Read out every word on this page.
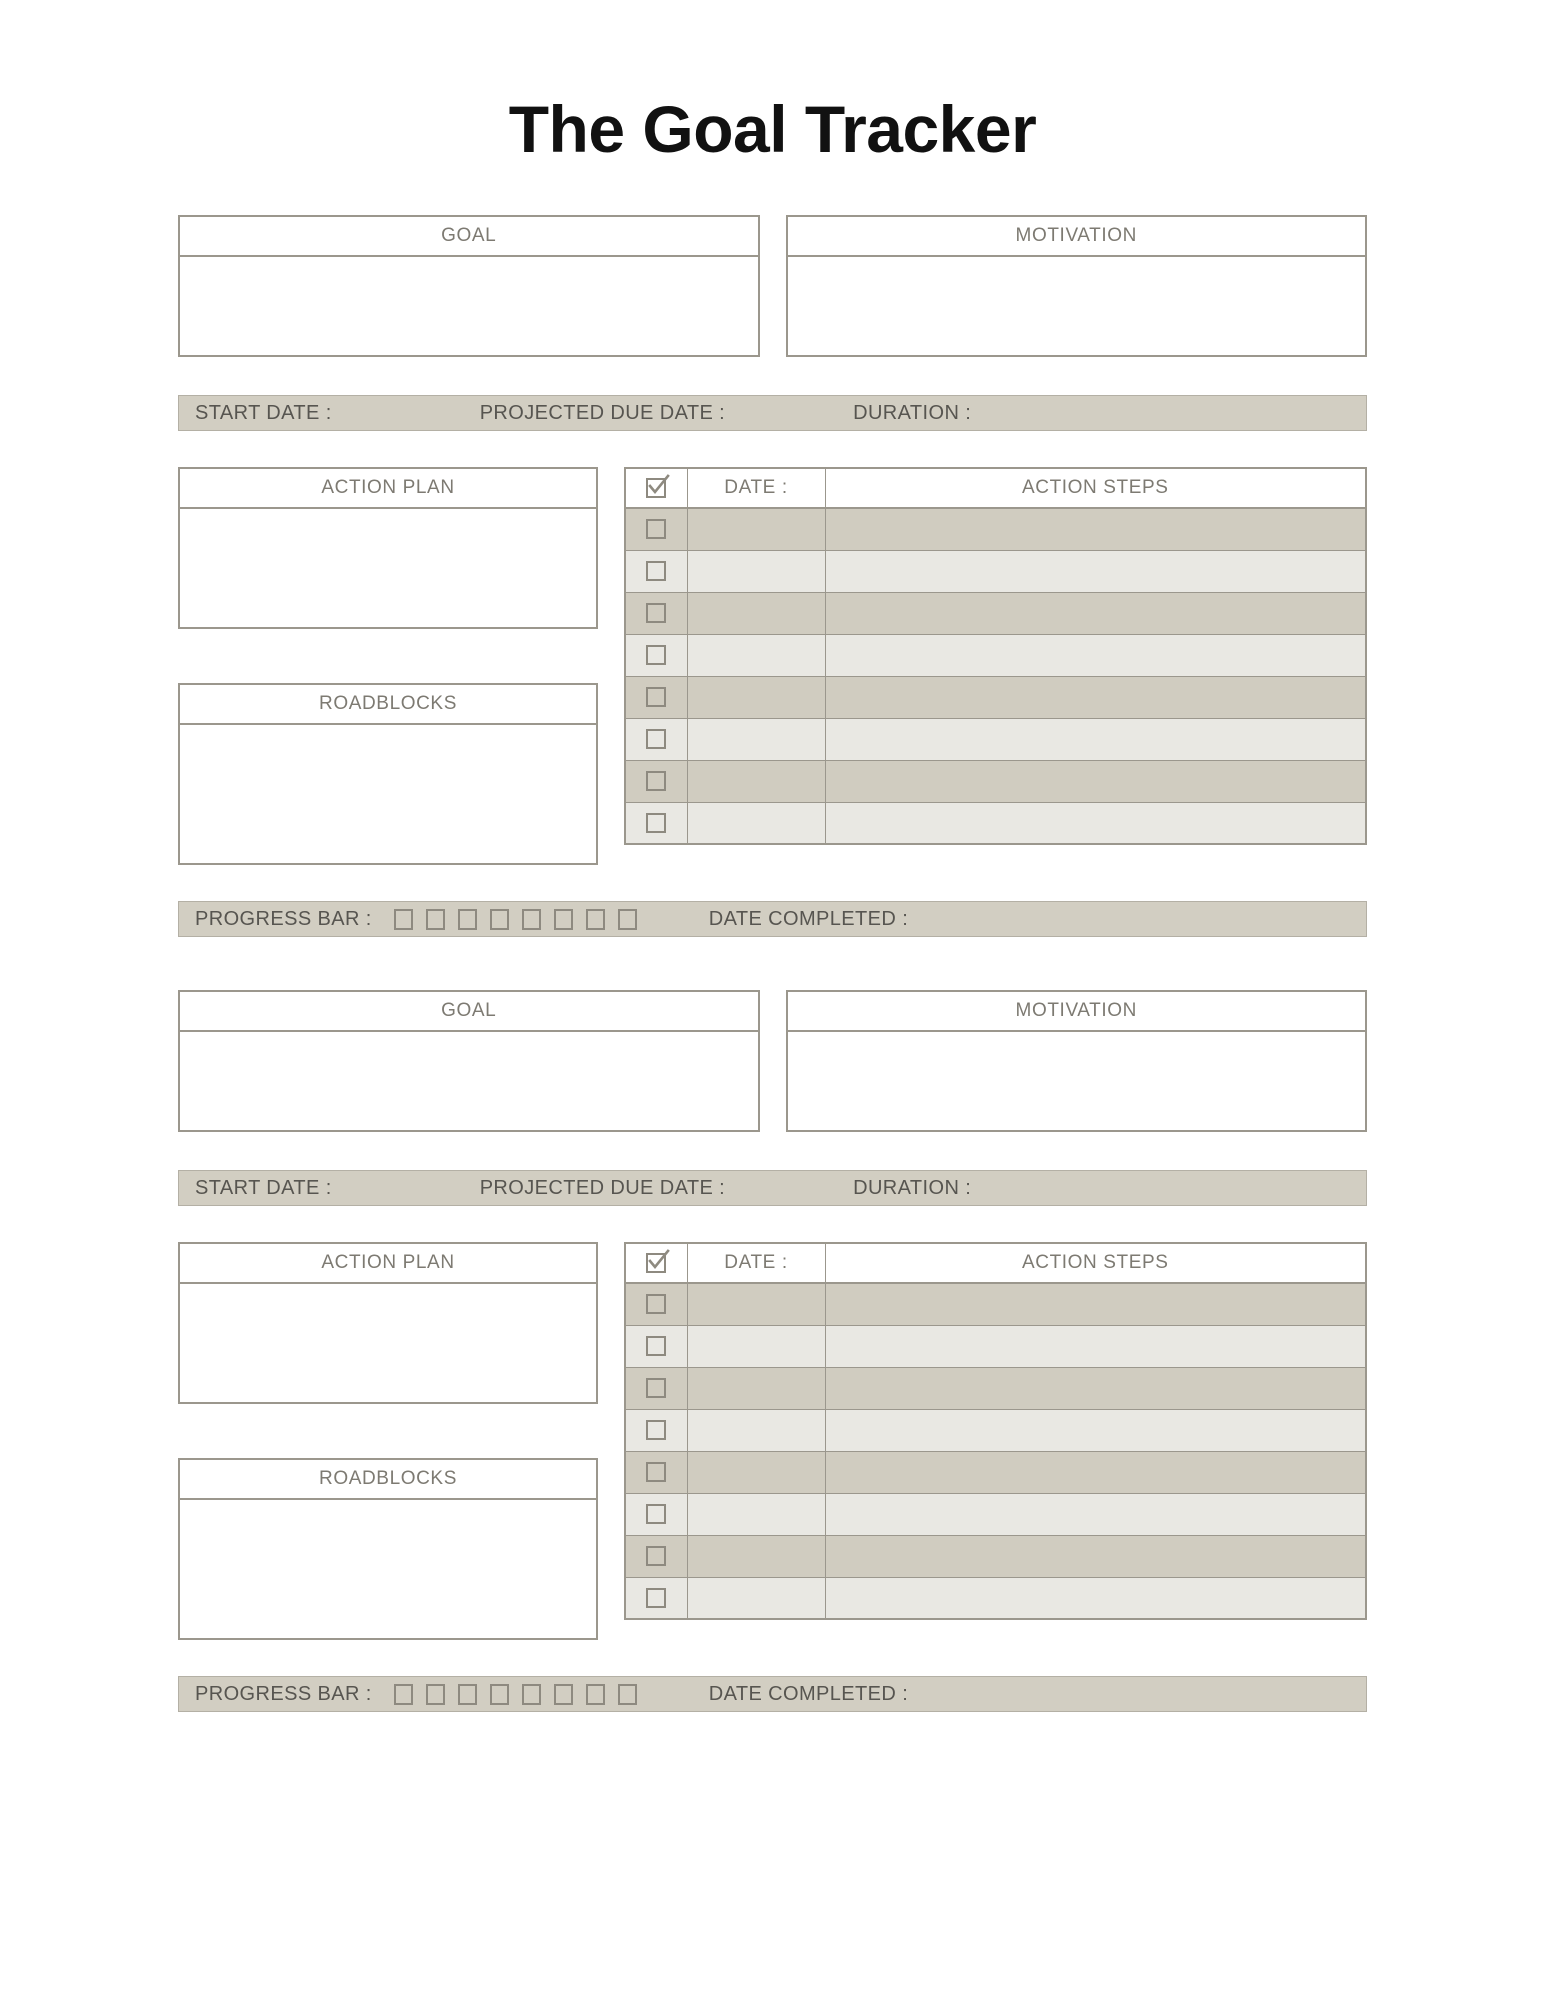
The Goal Tracker
GOAL	MOTIVATION
START DATE :	PROJECTED DUE DATE :	DURATION :
ACTION PLAN
ROADBLOCKS
	DATE :	ACTION STEPS

PROGRESS BAR :	DATE COMPLETED :
GOAL	MOTIVATION
START DATE :	PROJECTED DUE DATE :	DURATION :
ACTION PLAN
ROADBLOCKS
	DATE :	ACTION STEPS

PROGRESS BAR :	DATE COMPLETED :
